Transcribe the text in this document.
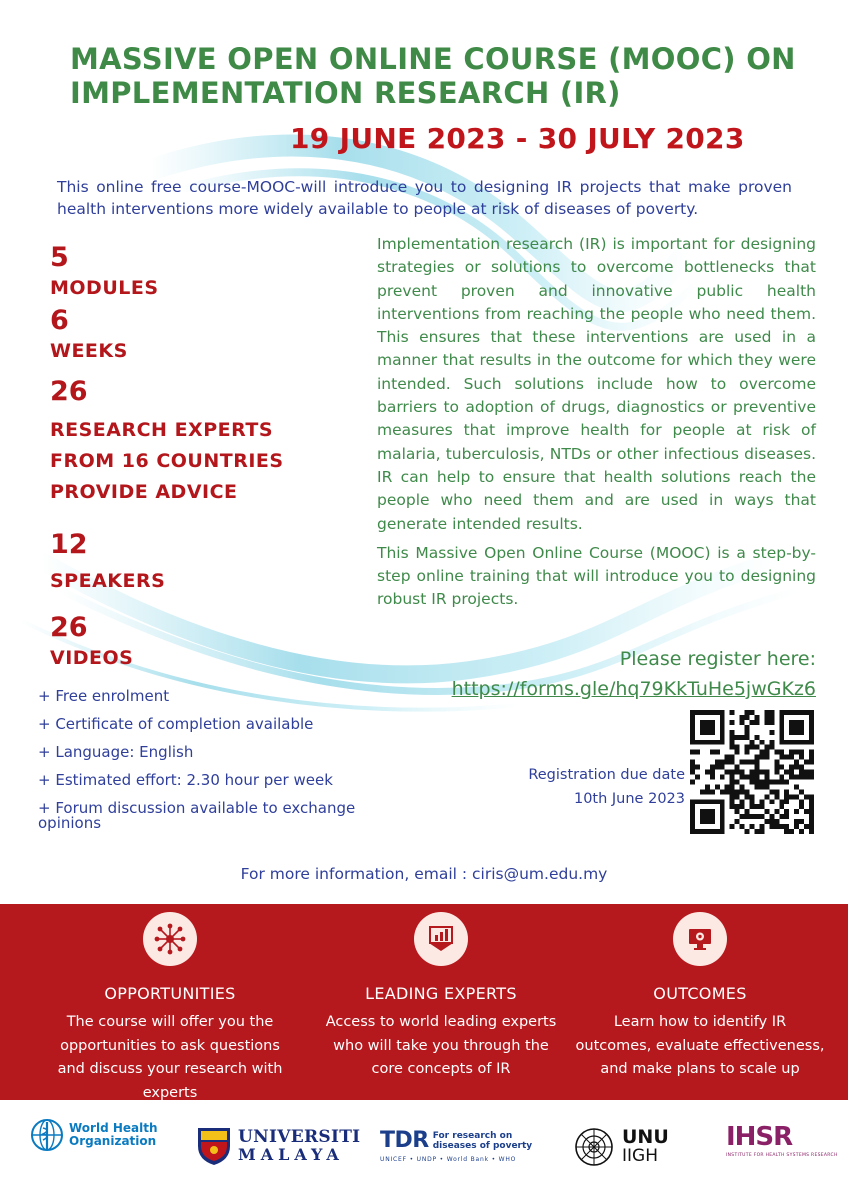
MASSIVE OPEN ONLINE COURSE (MOOC) ON
IMPLEMENTATION RESEARCH (IR)
19 JUNE 2023 - 30 JULY 2023
This online free course-MOOC-will introduce you to designing IR projects that make proven health interventions more widely available to people at risk of diseases of poverty.
5
MODULES
6
WEEKS
26
RESEARCH EXPERTS
FROM 16 COUNTRIES
PROVIDE ADVICE
12
SPEAKERS
26
VIDEOS

Implementation research (IR) is important for designing strategies or solutions to overcome bottlenecks that prevent proven and innovative public health interventions from reaching the people who need them. This ensures that these interventions are used in a manner that results in the outcome for which they were intended. Such solutions include how to overcome barriers to adoption of drugs, diagnostics or preventive measures that improve health for people at risk of malaria, tuberculosis, NTDs or other infectious diseases. IR can help to ensure that health solutions reach the people who need them and are used in ways that generate intended results.

This Massive Open Online Course (MOOC) is a step-by-step online training that will introduce you to designing robust IR projects.

Please register here:
https://forms.gle/hq79KkTuHe5jwGKz6
+ Free enrolment
+ Certificate of completion available
+ Language: English
+ Estimated effort: 2.30 hour per week
+ Forum discussion available to exchange opinions
Registration due date
10th June 2023
For more information, email : ciris@um.edu.my
OPPORTUNITIES

The course will offer you the opportunities to ask questions and discuss your research with experts

LEADING EXPERTS

Access to world leading experts who will take you through the core concepts of IR

OUTCOMES

Learn how to identify IR outcomes, evaluate effectiveness, and make plans to scale up

World Health
Organization	UNIVERSITI
MALAYA
TDR For research on
diseases of poverty
UNICEF • UNDP • World Bank • WHO
UNU
IIGH
IHSR
INSTITUTE FOR HEALTH SYSTEMS RESEARCH
